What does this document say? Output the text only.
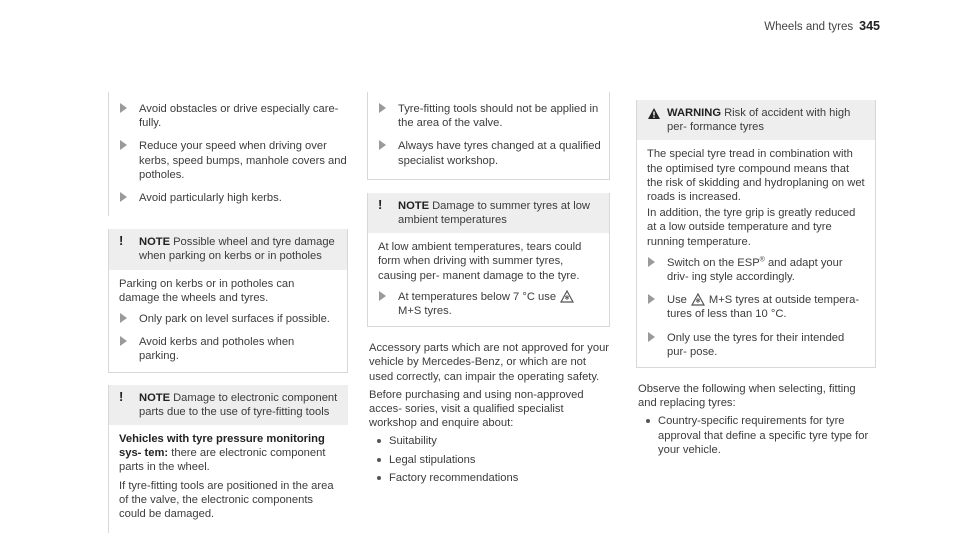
Wheels and tyres 345
Avoid obstacles or drive especially care- fully.
Reduce your speed when driving over kerbs, speed bumps, manhole covers and potholes.
Avoid particularly high kerbs.
! NOTE Possible wheel and tyre damage when parking on kerbs or in potholes

Parking on kerbs or in potholes can damage the wheels and tyres.

Only park on level surfaces if possible.
Avoid kerbs and potholes when parking.
! NOTE Damage to electronic component parts due to the use of tyre-fitting tools

Vehicles with tyre pressure monitoring sys- tem: there are electronic component parts in the wheel.

If tyre-fitting tools are positioned in the area of the valve, the electronic components could be damaged.

Tyre-fitting tools should not be applied in the area of the valve.
Always have tyres changed at a qualified specialist workshop.
! NOTE Damage to summer tyres at low ambient temperatures

At low ambient temperatures, tears could form when driving with summer tyres, causing per- manent damage to the tyre.

At temperatures below 7 °C use
M+S tyres.

Accessory parts which are not approved for your vehicle by Mercedes-Benz, or which are not used correctly, can impair the operating safety.

Before purchasing and using non-approved acces- sories, visit a qualified specialist workshop and enquire about:

Suitability
Legal stipulations
Factory recommendations
WARNING Risk of accident with high per- formance tyres

The special tyre tread in combination with the optimised tyre compound means that the risk of skidding and hydroplaning on wet roads is increased.

In addition, the tyre grip is greatly reduced at a low outside temperature and tyre running temperature.

Switch on the ESP® and adapt your driv- ing style accordingly.
Use M+S tyres at outside tempera- tures of less than 10 °C.
Only use the tyres for their intended pur- pose.

Observe the following when selecting, fitting and replacing tyres:

Country-specific requirements for tyre approval that define a specific tyre type for your vehicle.
